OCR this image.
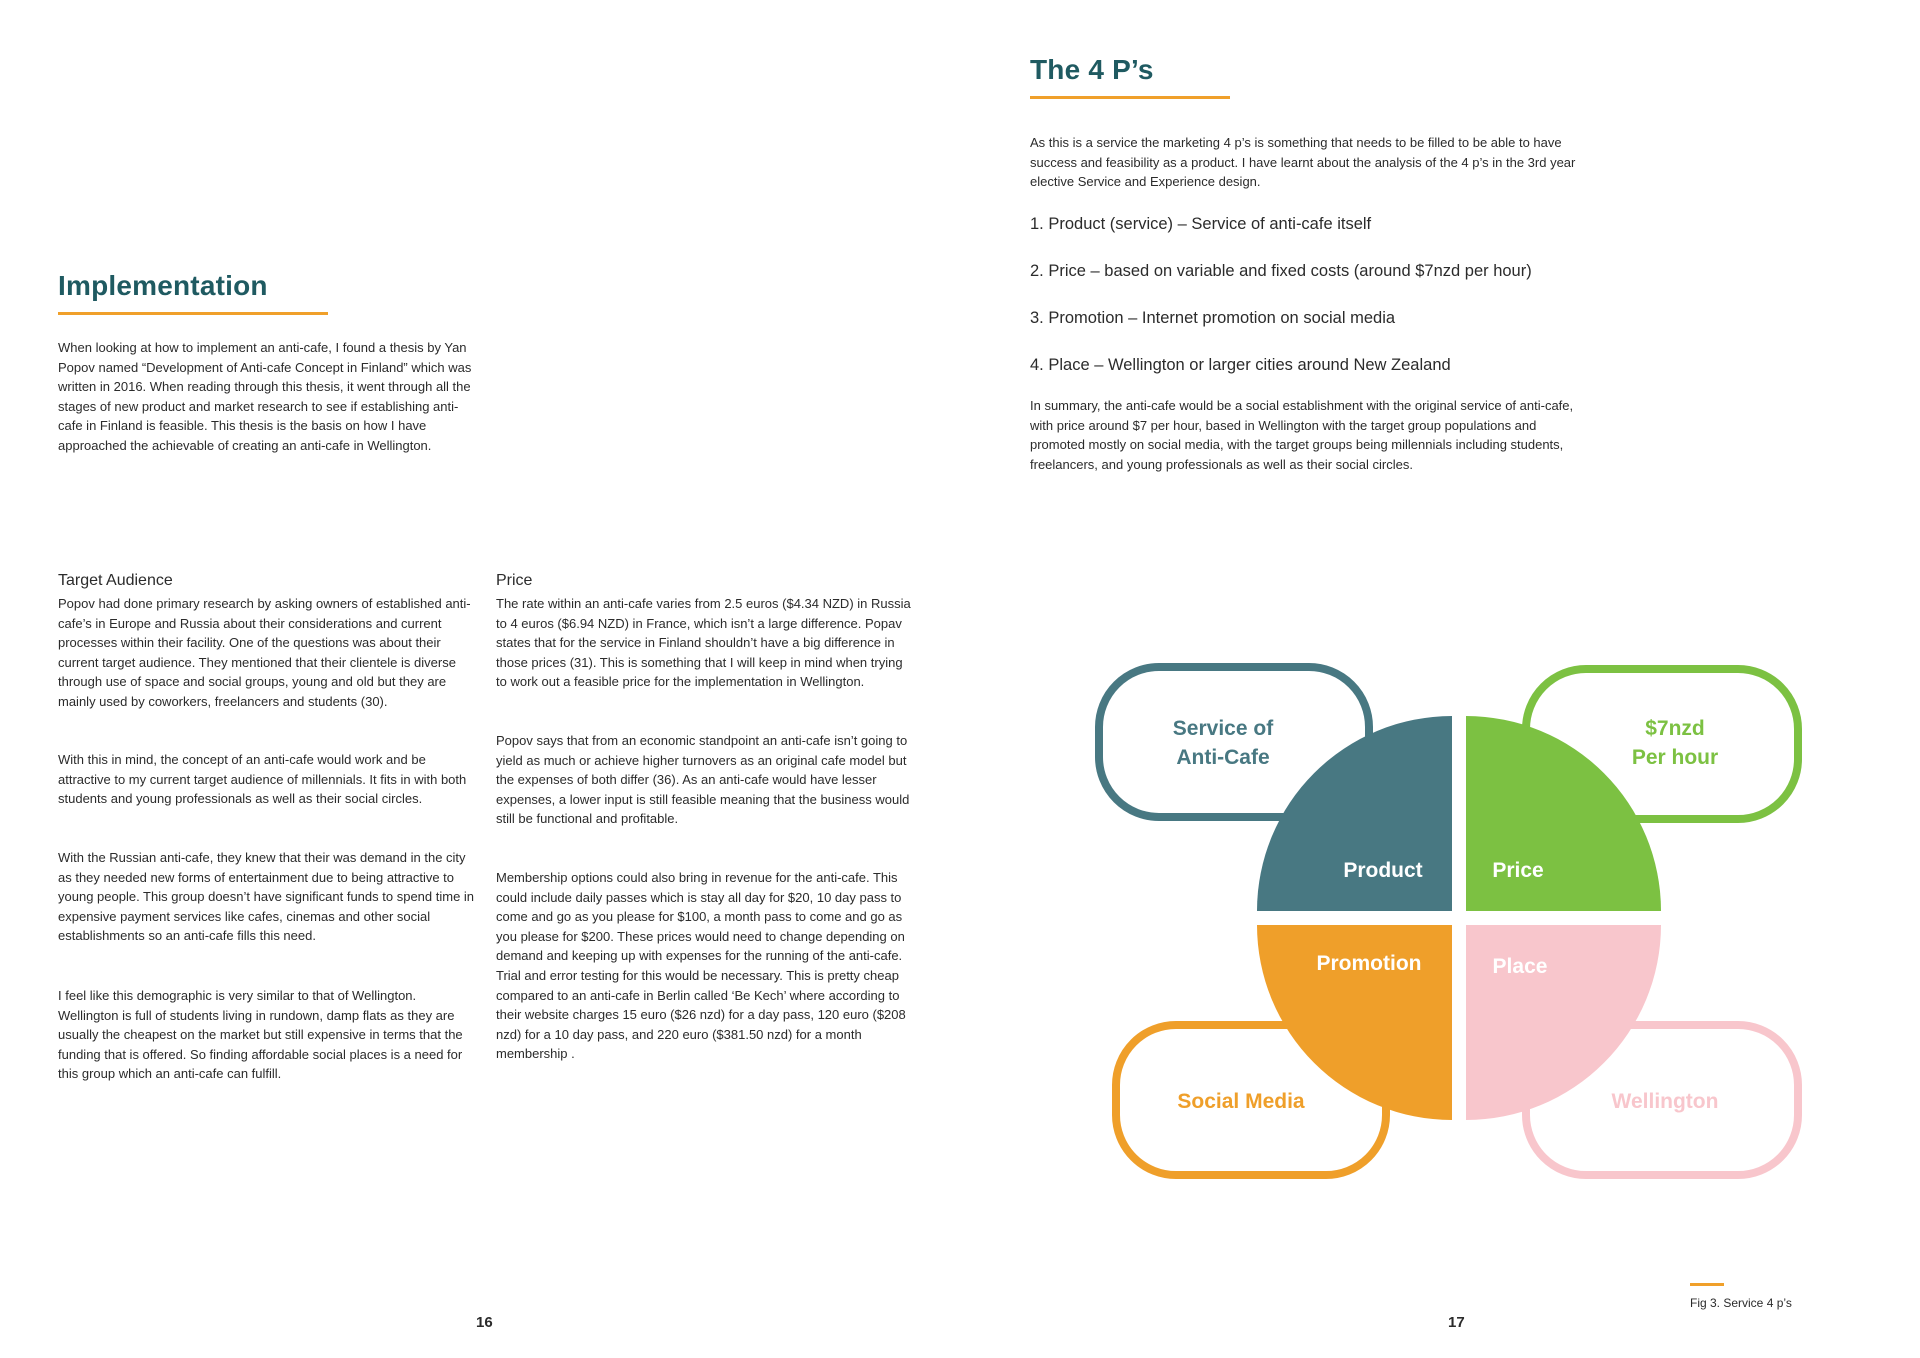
Implementation

When looking at how to implement an anti-cafe, I found a thesis by Yan Popov named “Development of Anti-cafe Concept in Finland” which was written in 2016. When reading through this thesis, it went through all the stages of new product and market research to see if establishing anti-cafe in Finland is feasible. This thesis is the basis on how I have approached the achievable of creating an anti-cafe in Wellington.

Target Audience

Popov had done primary research by asking owners of established anti-cafe’s in Europe and Russia about their considerations and current processes within their facility. One of the questions was about their current target audience. They mentioned that their clientele is diverse through use of space and social groups, young and old but they are mainly used by coworkers, freelancers and students (30).

With this in mind, the concept of an anti-cafe would work and be attractive to my current target audience of millennials. It fits in with both students and young professionals as well as their social circles.

With the Russian anti-cafe, they knew that their was demand in the city as they needed new forms of entertainment due to being attractive to young people. This group doesn’t have significant funds to spend time in expensive payment services like cafes, cinemas and other social establishments so an anti-cafe fills this need.

I feel like this demographic is very similar to that of Wellington. Wellington is full of students living in rundown, damp flats as they are usually the cheapest on the market but still expensive in terms that the funding that is offered. So finding affordable social places is a need for this group which an anti-cafe can fulfill.

Price

The rate within an anti-cafe varies from 2.5 euros ($4.34 NZD) in Russia to 4 euros ($6.94 NZD) in France, which isn’t a large difference. Popav states that for the service in Finland shouldn’t have a big difference in those prices (31). This is something that I will keep in mind when trying to work out a feasible price for the implementation in Wellington.

Popov says that from an economic standpoint an anti-cafe isn’t going to yield as much or achieve higher turnovers as an original cafe model but the expenses of both differ (36). As an anti-cafe would have lesser expenses, a lower input is still feasible meaning that the business would still be functional and profitable.

Membership options could also bring in revenue for the anti-cafe. This could include daily passes which is stay all day for $20, 10 day pass to come and go as you please for $100, a month pass to come and go as you please for $200. These prices would need to change depending on demand and keeping up with expenses for the running of the anti-cafe. Trial and error testing for this would be necessary. This is pretty cheap compared to an anti-cafe in Berlin called ‘Be Kech’ where according to their website charges 15 euro ($26 nzd) for a day pass, 120 euro ($208 nzd) for a 10 day pass, and 220 euro ($381.50 nzd) for a month membership .

16
The 4 P’s

As this is a service the marketing 4 p’s is something that needs to be filled to be able to have success and feasibility as a product. I have learnt about the analysis of the 4 p’s in the 3rd year elective Service and Experience design.

1. Product (service) – Service of anti-cafe itself
2. Price – based on variable and fixed costs (around $7nzd per hour)
3. Promotion – Internet promotion on social media
4. Place – Wellington or larger cities around New Zealand

In summary, the anti-cafe would be a social establishment with the original service of anti-cafe, with price around $7 per hour, based in Wellington with the target group populations and promoted mostly on social media, with the target groups being millennials including students, freelancers, and young professionals as well as their social circles.

Fig 3. Service 4 p’s
17
Service of
Anti-Cafe
$7nzd
Per hour
Social Media	Wellington
Product	Price
Promotion	Place
